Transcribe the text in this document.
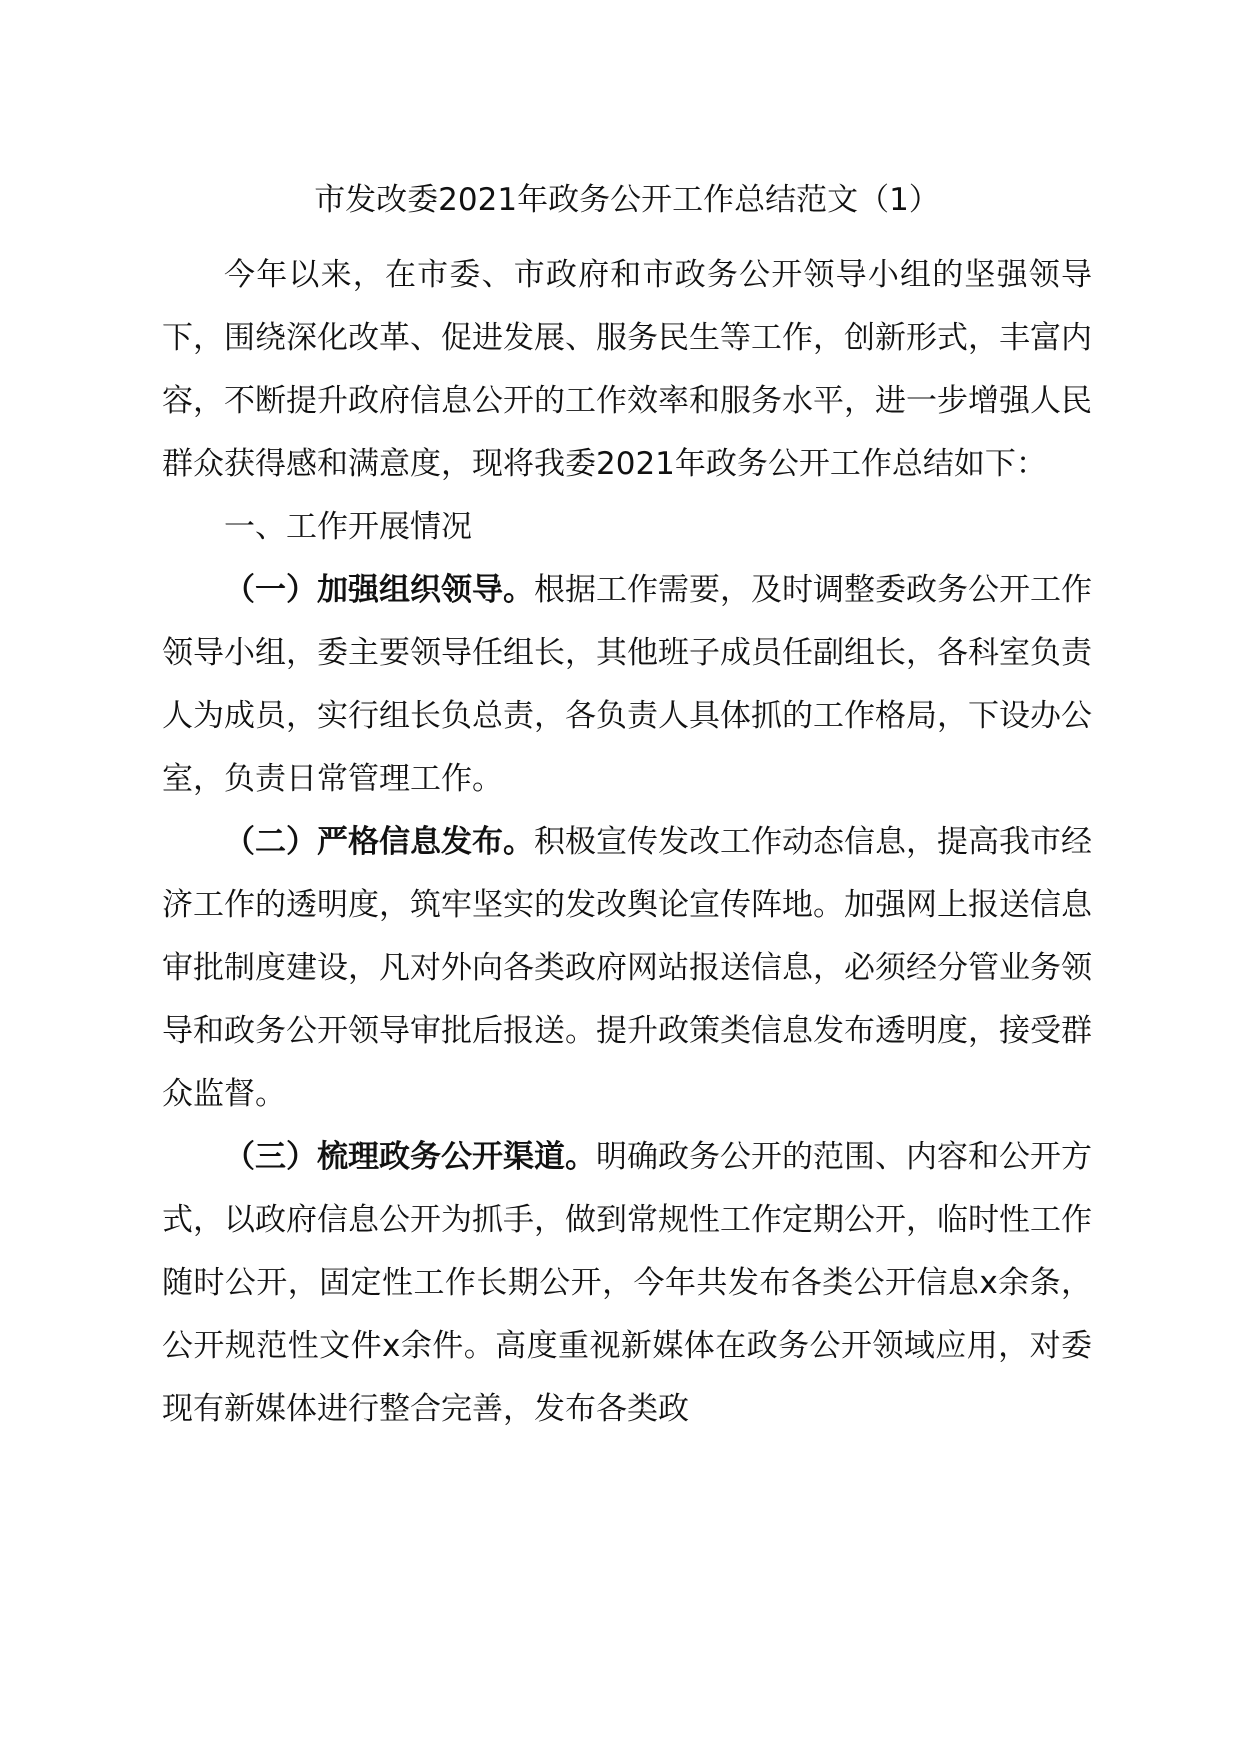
市发改委2021年政务公开工作总结范文（1）

今年以来，在市委、市政府和市政务公开领导小组的坚强领导下，围绕深化改革、促进发展、服务民生等工作，创新形式，丰富内容，不断提升政府信息公开的工作效率和服务水平，进一步增强人民群众获得感和满意度，现将我委2021年政务公开工作总结如下：

一、工作开展情况

（一）加强组织领导。根据工作需要，及时调整委政务公开工作领导小组，委主要领导任组长，其他班子成员任副组长，各科室负责人为成员，实行组长负总责，各负责人具体抓的工作格局，下设办公室，负责日常管理工作。

（二）严格信息发布。积极宣传发改工作动态信息，提高我市经济工作的透明度，筑牢坚实的发改舆论宣传阵地。加强网上报送信息审批制度建设，凡对外向各类政府网站报送信息，必须经分管业务领导和政务公开领导审批后报送。提升政策类信息发布透明度，接受群众监督。

（三）梳理政务公开渠道。明确政务公开的范围、内容和公开方式，以政府信息公开为抓手，做到常规性工作定期公开，临时性工作随时公开，固定性工作长期公开，今年共发布各类公开信息x余条，公开规范性文件x余件。高度重视新媒体在政务公开领域应用，对委现有新媒体进行整合完善，发布各类政
